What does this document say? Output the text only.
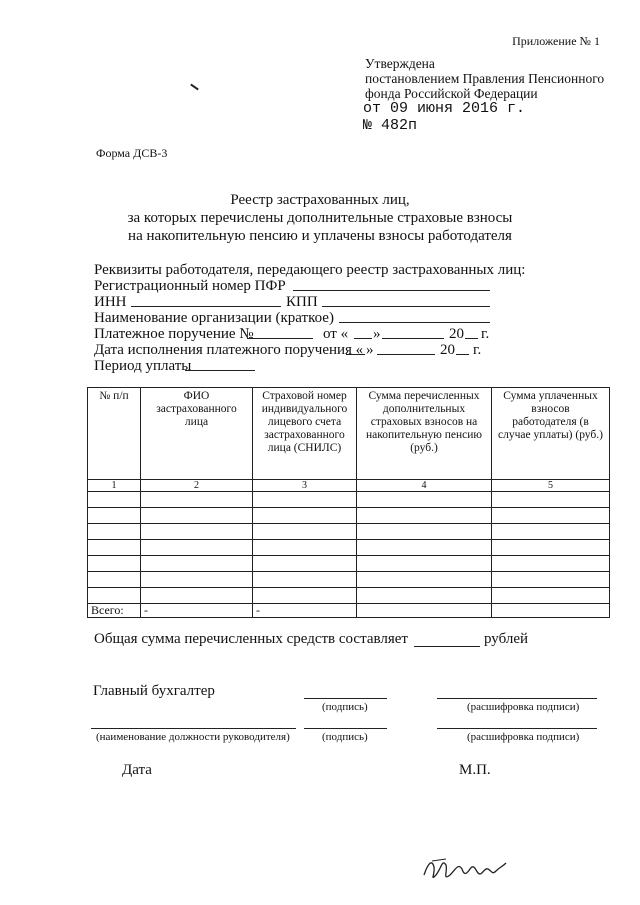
Приложение № 1
Утверждена
постановлением Правления Пенсионного
фонда Российской Федерации
от 09 июня 2016 г.
№ 482п
Форма ДСВ-3
Реестр застрахованных лиц,
за которых перечислены дополнительные страховые взносы
на накопительную пенсию и уплачены взносы работодателя
Реквизиты работодателя, передающего реестр застрахованных лиц:
Регистрационный номер ПФР
ИНН	КПП
Наименование организации (краткое)
Платежное поручение №	от « »	20 г.
Дата исполнения платежного поручения « »	20 г.
Период уплаты
№ п/п	ФИО застрахованного лица	Страховой номер индивидуального лицевого счета застрахованного лица (СНИЛС)	Сумма перечисленных дополнительных страховых взносов на накопительную пенсию (руб.)	Сумма уплаченных взносов работодателя (в случае уплаты) (руб.)
1	2	3	4	5

Всего:	-	-		
Общая сумма перечисленных средств составляет	рублей
Главный бухгалтер
(подпись)	(расшифровка подписи)
(наименование должности руководителя)	(подпись)	(расшифровка подписи)
Дата	М.П.
